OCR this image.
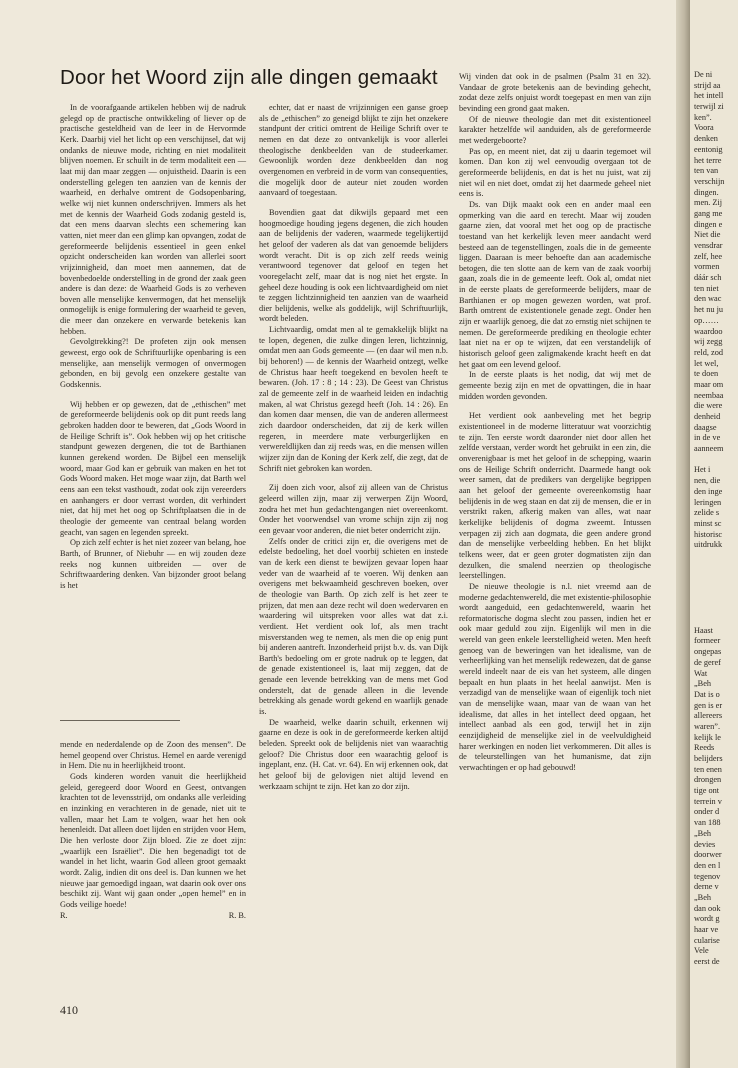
Door het Woord zijn alle dingen gemaakt

In de voorafgaande artikelen hebben wij de nadruk gelegd op de practische ontwikkeling of liever op de practische gesteldheid van de leer in de Hervormde Kerk. Daarbij viel het licht op een verschijnsel, dat wij ondanks de nieuwe mode, richting en niet modaliteit blijven noemen. Er schuilt in de term modaliteit een — laat mij dan maar zeggen — onjuistheid. Daarin is een onderstelling gelegen ten aanzien van de kennis der waarheid, en derhalve omtrent de Godsopenbaring, welke wij niet kunnen onderschrijven. Immers als het met de kennis der Waarheid Gods zodanig gesteld is, dat een mens daarvan slechts een schemering kan vatten, niet meer dan een glimp kan opvangen, zodat de gereformeerde belijdenis essentieel in geen enkel opzicht onderscheiden kan worden van allerlei soort vrijzinnigheid, dan moet men aannemen, dat de bovenbedoelde onderstelling in de grond der zaak geen andere is dan deze: de Waarheid Gods is zo verheven boven alle menselijke kenvermogen, dat het menselijk onmogelijk is enige formulering der waarheid te geven, die meer dan onzekere en verwarde betekenis kan hebben.

Gevolgtrekking?! De profeten zijn ook mensen geweest, ergo ook de Schriftuurlijke openbaring is een menselijke, aan menselijk vermogen of onvermogen gebonden, en bij gevolg een onzekere gestalte van Godskennis.

Wij hebben er op gewezen, dat de „ethischen” met de gereformeerde belijdenis ook op dit punt reeds lang gebroken hadden door te beweren, dat „Gods Woord in de Heilige Schrift is”. Ook hebben wij op het critische standpunt gewezen dergenen, die tot de Barthianen kunnen gerekend worden. De Bijbel een menselijk woord, maar God kan er gebruik van maken en het tot Gods Woord maken. Het moge waar zijn, dat Barth wel eens aan een tekst vasthoudt, zodat ook zijn vereerders en aanhangers er door verrast worden, dit verhindert niet, dat hij met het oog op Schriftplaatsen die in de theologie der gemeente van centraal belang worden geacht, van sagen en legenden spreekt.

Op zich zelf echter is het niet zozeer van belang, hoe Barth, of Brunner, of Niebuhr — en wij zouden deze reeks nog kunnen uitbreiden — over de Schriftwaardering denken. Van bijzonder groot belang is het

mende en nederdalende op de Zoon des mensen”. De hemel geopend over Christus. Hemel en aarde verenigd in Hem. Die nu in heerlijkheid troont.

Gods kinderen worden vanuit die heerlijkheid geleid, geregeerd door Woord en Geest, ontvangen krachten tot de levensstrijd, om ondanks alle verleiding en inzinking en verachteren in de genade, niet uit te vallen, maar het Lam te volgen, waar het hen ook henenleidt. Dat alleen doet lijden en strijden voor Hem, Die hen verloste door Zijn bloed. Zie ze doet zijn: „waarlijk een Israëliet”. Die hen begenadigt tot de wandel in het licht, waarin God alleen groot gemaakt wordt. Zalig, indien dit ons deel is. Dan kunnen we het nieuwe jaar gemoedigd ingaan, wat daarin ook over ons beschikt zij. Want wij gaan onder „open hemel” en in Gods veilige hoede!

R.	R. B.

echter, dat er naast de vrijzinnigen een ganse groep als de „ethischen” zo geneigd blijkt te zijn het onzekere standpunt der critici omtrent de Heilige Schrift over te nemen en dat deze zo ontvankelijk is voor allerlei theologische denkbeelden van de studeerkamer. Gewoonlijk worden deze denkbeelden dan nog overgenomen en verbreid in de vorm van consequenties, die mogelijk door de auteur niet zouden worden aanvaard of toegestaan.

Bovendien gaat dat dikwijls gepaard met een hoogmoedige houding jegens degenen, die zich houden aan de belijdenis der vaderen, waarmede tegelijkertijd het geloof der vaderen als dat van genoemde belijders wordt veracht. Dit is op zich zelf reeds weinig verantwoord tegenover dat geloof en tegen het vooregelacht zelf, maar dat is nog niet het ergste. In geheel deze houding is ook een lichtvaardigheid om niet te zeggen lichtzinnigheid ten aanzien van de waarheid dier belijdenis, welke als goddelijk, wijl Schriftuurlijk, wordt beleden.

Lichtvaardig, omdat men al te gemakkelijk blijkt na te lopen, degenen, die zulke dingen leren, lichtzinnig, omdat men aan Gods gemeente — (en daar wil men n.b. bij behoren!) — de kennis der Waarheid ontzegt, welke de Christus haar heeft toegekend en bevolen heeft te bewaren. (Joh. 17 : 8 ; 14 : 23). De Geest van Christus zal de gemeente zelf in de waarheid leiden en indachtig maken, al wat Christus gezegd heeft (Joh. 14 : 26). En dan komen daar mensen, die van de anderen allermeest zich daardoor onderscheiden, dat zij de kerk willen regeren, in meerdere mate verburgerlijken en verwereldlijken dan zij reeds was, en die mensen willen wijzer zijn dan de Koning der Kerk zelf, die zegt, dat de Schrift niet gebroken kan worden.

Zij doen zich voor, alsof zij alleen van de Christus geleerd willen zijn, maar zij verwerpen Zijn Woord, zodra het met hun gedachtengangen niet overeenkomt. Onder het voorwendsel van vrome schijn zijn zij nog een gevaar voor anderen, die niet beter onderricht zijn.

Zelfs onder de critici zijn er, die overigens met de edelste bedoeling, het doel voorbij schieten en instede van de kerk een dienst te bewijzen gevaar lopen haar veder van de waarheid af te voeren. Wij denken aan overigens met bekwaamheid geschreven boeken, over de theologie van Barth. Op zich zelf is het zeer te prijzen, dat men aan deze recht wil doen wedervaren en waardering wil uitspreken voor alles wat dat z.i. verdient. Het verdient ook lof, als men tracht misverstanden weg te nemen, als men die op enig punt bij anderen aantreft. Inzonderheid prijst b.v. ds. van Dijk Barth's bedoeling om er grote nadruk op te leggen, dat de genade existentioneel is, laat mij zeggen, dat de genade een levende betrekking van de mens met God onderstelt, dat de genade alleen in die levende betrekking als genade wordt gekend en waarlijk genade is.

De waarheid, welke daarin schuilt, erkennen wij gaarne en deze is ook in de gereformeerde kerken altijd beleden. Spreekt ook de belijdenis niet van waarachtig geloof? Die Christus door een waarachtig geloof is ingeplant, enz. (H. Cat. vr. 64). En wij erkennen ook, dat het geloof bij de gelovigen niet altijd levend en werkzaam schijnt te zijn. Het kan zo dor zijn.

Wij vinden dat ook in de psalmen (Psalm 31 en 32). Vandaar de grote betekenis aan de bevinding gehecht, zodat deze zelfs onjuist wordt toegepast en men van zijn bevinding een grond gaat maken.

Of de nieuwe theologie dan met dit existentioneel karakter hetzelfde wil aanduiden, als de gereformeerde met wedergeboorte?

Pas op, en meent niet, dat zij u daarin tegemoet wil komen. Dan kon zij wel eenvoudig overgaan tot de gereformeerde belijdenis, en dat is het nu juist, wat zij niet wil en niet doet, omdat zij het daarmede geheel niet eens is.

Ds. van Dijk maakt ook een en ander maal een opmerking van die aard en terecht. Maar wij zouden gaarne zien, dat vooral met het oog op de practische toestand van het kerkelijk leven meer aandacht werd besteed aan de tegenstellingen, zoals die in de gemeente liggen. Daaraan is meer behoefte dan aan academische betogen, die ten slotte aan de kern van de zaak voorbij gaan, zoals die in de gemeente leeft. Ook al, omdat niet in de eerste plaats de gereformeerde belijders, maar de Barthianen er op mogen gewezen worden, wat prof. Barth omtrent de existentionele genade zegt. Onder hen zijn er waarlijk genoeg, die dat zo ernstig niet schijnen te nemen. De gereformeerde prediking en theologie echter laat niet na er op te wijzen, dat een verstandelijk of historisch geloof geen zaligmakende kracht heeft en dat het gaat om een levend geloof.

In de eerste plaats is het nodig, dat wij met de gemeente bezig zijn en met de opvattingen, die in haar midden worden gevonden.

Het verdient ook aanbeveling met het begrip existentioneel in de moderne litteratuur wat voorzichtig te zijn. Ten eerste wordt daaronder niet door allen het zelfde verstaan, verder wordt het gebruikt in een zin, die onverenigbaar is met het geloof in de schepping, waarin ons de Heilige Schrift onderricht. Daarmede hangt ook weer samen, dat de predikers van dergelijke begrippen aan het geloof der gemeente overeenkomstig haar belijdenis in de weg staan en dat zij de mensen, die er in verstrikt raken, afkerig maken van alles, wat naar kerkelijke belijdenis of dogma zweemt. Intussen verpagen zij zich aan dogmata, die geen andere grond dan de menselijke verbeelding hebben. En het blijkt telkens weer, dat er geen groter dogmatisten zijn dan dezulken, die smalend neerzien op theologische leerstellingen.

De nieuwe theologie is n.l. niet vreemd aan de moderne gedachtenwereld, die met existentie-philosophie wordt aangeduid, een gedachtenwereld, waarin het reformatorische dogma slecht zou passen, indien het er ook maar geduld zou zijn. Eigenlijk wil men in die wereld van geen enkele leerstelligheid weten. Men heeft genoeg van de beweringen van het idealisme, van de verheerlijking van het menselijk redewezen, dat de ganse wereld indeelt naar de eis van het systeem, alle dingen bepaalt en hun plaats in het heelal aanwijst. Men is verzadigd van de menselijke waan of eigenlijk toch niet van de menselijke waan, maar van de waan van het idealisme, dat alles in het intellect deed opgaan, het intellect aanbad als een god, terwijl het in zijn eenzijdigheid de menselijke ziel in de veelvuldigheid harer werkingen en noden liet verkommeren. Dit alles is de teleurstellingen van het humanisme, dat zijn verwachtingen er op had gebouwd!

410
De ni
strijd aa
het intell
terwijl zi
ken”.
Voora
denken
eentonig
het terre
ten van
verschijn
dingen.
men. Zij
gang me
dingen e
Niet die
vensdrar
zelf, hee
vormen
dáár sch
ten niet
den wac
het nu ju
op……
waardoo
wij zegg
reld, zod
let wel,
te doen
maar om
neembaa
die were
denheid
daagse
in de ve
aanneem
Het i
nen, die
den inge
leringen
zelide s
minst sc
historisc
uitdrukk
Haast
formeer
ongepas
de geref
Wat
„Beh
Dat is o
gen is er
allereers
waren”.
kelijk le
Reeds
belijders
ten enen
drongen
tige ont
terrein v
onder d
van 188
„Beh
devies
doorwer
den en l
tegenov
derne v
„Beh
dan ook
wordt g
haar ve
cularise
Vele
eerst de
